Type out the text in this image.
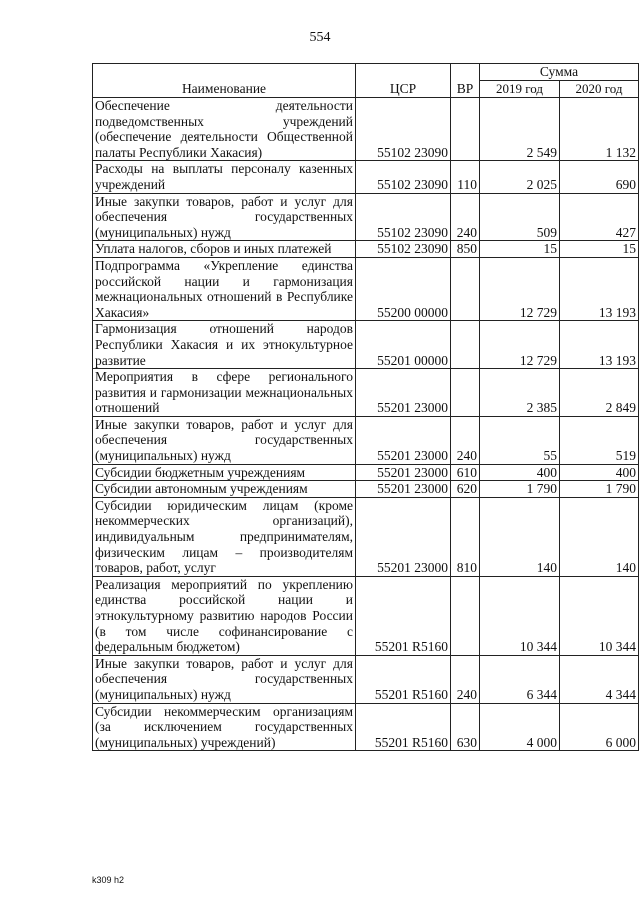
554
Наименование	ЦСР	ВР	Сумма	
			2019 год	2020 год
Обеспечение деятельности подведомственных учреждений (обеспечение деятельности Общественной палаты Республики Хакасия)	55102 23090		2 549	1 132
Расходы на выплаты персоналу казенных учреждений	55102 23090	110	2 025	690
Иные закупки товаров, работ и услуг для обеспечения государственных (муниципальных) нужд	55102 23090	240	509	427
Уплата налогов, сборов и иных платежей	55102 23090	850	15	15
Подпрограмма «Укрепление единства российской нации и гармонизация межнациональных отношений в Республике Хакасия»	55200 00000		12 729	13 193
Гармонизация отношений народов Республики Хакасия и их этнокультурное развитие	55201 00000		12 729	13 193
Мероприятия в сфере регионального развития и гармонизации межнациональных отношений	55201 23000		2 385	2 849
Иные закупки товаров, работ и услуг для обеспечения государственных (муниципальных) нужд	55201 23000	240	55	519
Субсидии бюджетным учреждениям	55201 23000	610	400	400
Субсидии автономным учреждениям	55201 23000	620	1 790	1 790
Субсидии юридическим лицам (кроме некоммерческих организаций), индивидуальным предпринимателям, физическим лицам – производителям товаров, работ, услуг	55201 23000	810	140	140
Реализация мероприятий по укреплению единства российской нации и этнокультурному развитию народов России (в том числе софинансирование с федеральным бюджетом)	55201 R5160		10 344	10 344
Иные закупки товаров, работ и услуг для обеспечения государственных (муниципальных) нужд	55201 R5160	240	6 344	4 344
Субсидии некоммерческим организациям (за исключением государственных (муниципальных) учреждений)	55201 R5160	630	4 000	6 000
k309 h2
